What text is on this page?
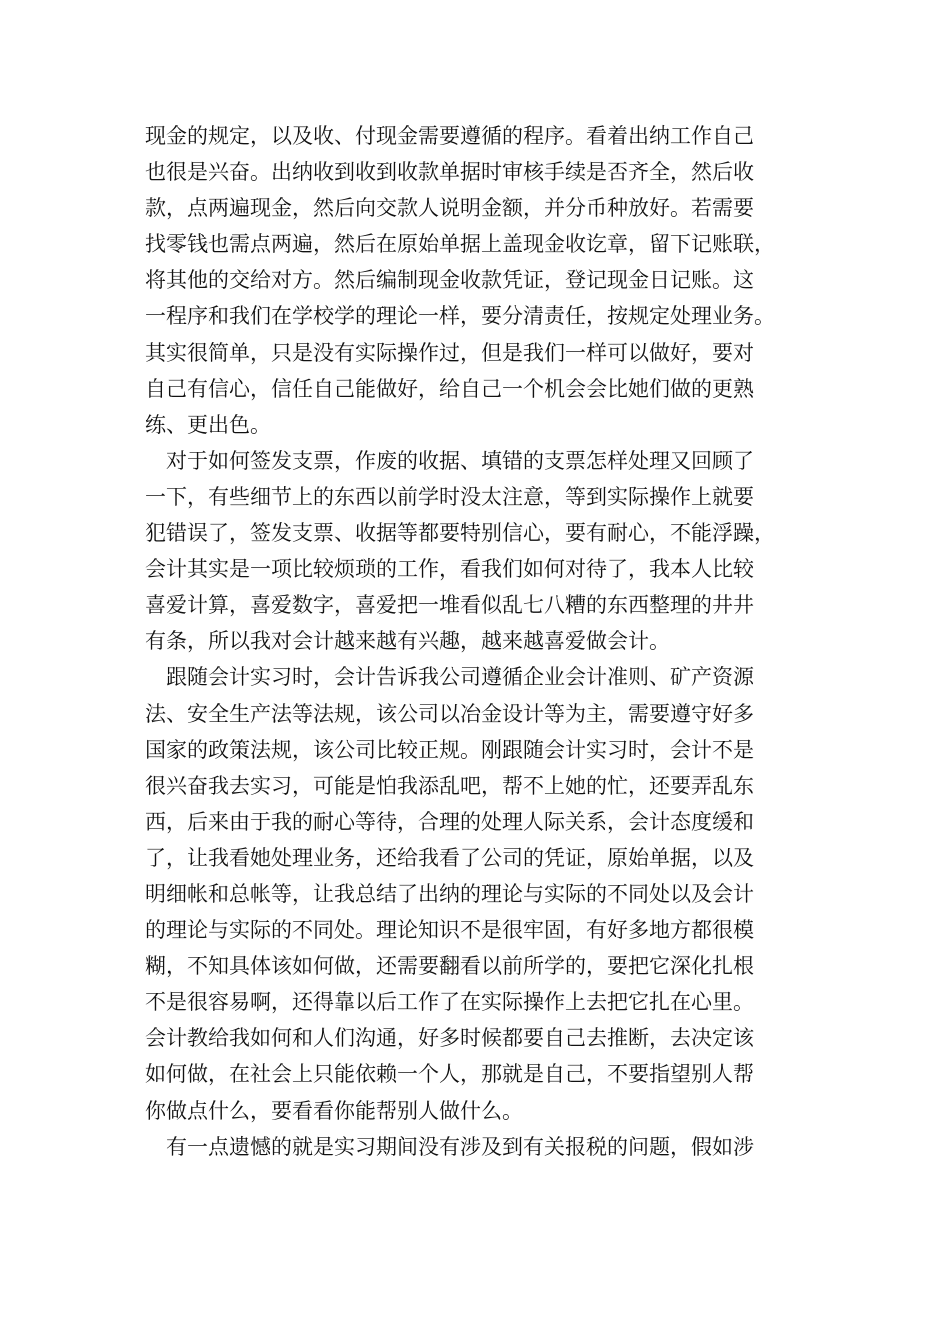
现金的规定，以及收、付现金需要遵循的程序。看着出纳工作自己
也很是兴奋。出纳收到收到收款单据时审核手续是否齐全，然后收
款，点两遍现金，然后向交款人说明金额，并分币种放好。若需要
找零钱也需点两遍，然后在原始单据上盖现金收讫章，留下记账联，
将其他的交给对方。然后编制现金收款凭证，登记现金日记账。这
一程序和我们在学校学的理论一样，要分清责任，按规定处理业务。
其实很简单，只是没有实际操作过，但是我们一样可以做好，要对
自己有信心，信任自己能做好，给自己一个机会会比她们做的更熟
练、更出色。
对于如何签发支票，作废的收据、填错的支票怎样处理又回顾了
一下，有些细节上的东西以前学时没太注意，等到实际操作上就要
犯错误了，签发支票、收据等都要特别信心，要有耐心，不能浮躁，
会计其实是一项比较烦琐的工作，看我们如何对待了，我本人比较
喜爱计算，喜爱数字，喜爱把一堆看似乱七八糟的东西整理的井井
有条，所以我对会计越来越有兴趣，越来越喜爱做会计。
跟随会计实习时，会计告诉我公司遵循企业会计准则、矿产资源
法、安全生产法等法规，该公司以冶金设计等为主，需要遵守好多
国家的政策法规，该公司比较正规。刚跟随会计实习时，会计不是
很兴奋我去实习，可能是怕我添乱吧，帮不上她的忙，还要弄乱东
西，后来由于我的耐心等待，合理的处理人际关系，会计态度缓和
了，让我看她处理业务，还给我看了公司的凭证，原始单据，以及
明细帐和总帐等，让我总结了出纳的理论与实际的不同处以及会计
的理论与实际的不同处。理论知识不是很牢固，有好多地方都很模
糊，不知具体该如何做，还需要翻看以前所学的，要把它深化扎根
不是很容易啊，还得靠以后工作了在实际操作上去把它扎在心里。
会计教给我如何和人们沟通，好多时候都要自己去推断，去决定该
如何做，在社会上只能依赖一个人，那就是自己，不要指望别人帮
你做点什么，要看看你能帮别人做什么。
有一点遗憾的就是实习期间没有涉及到有关报税的问题，假如涉
